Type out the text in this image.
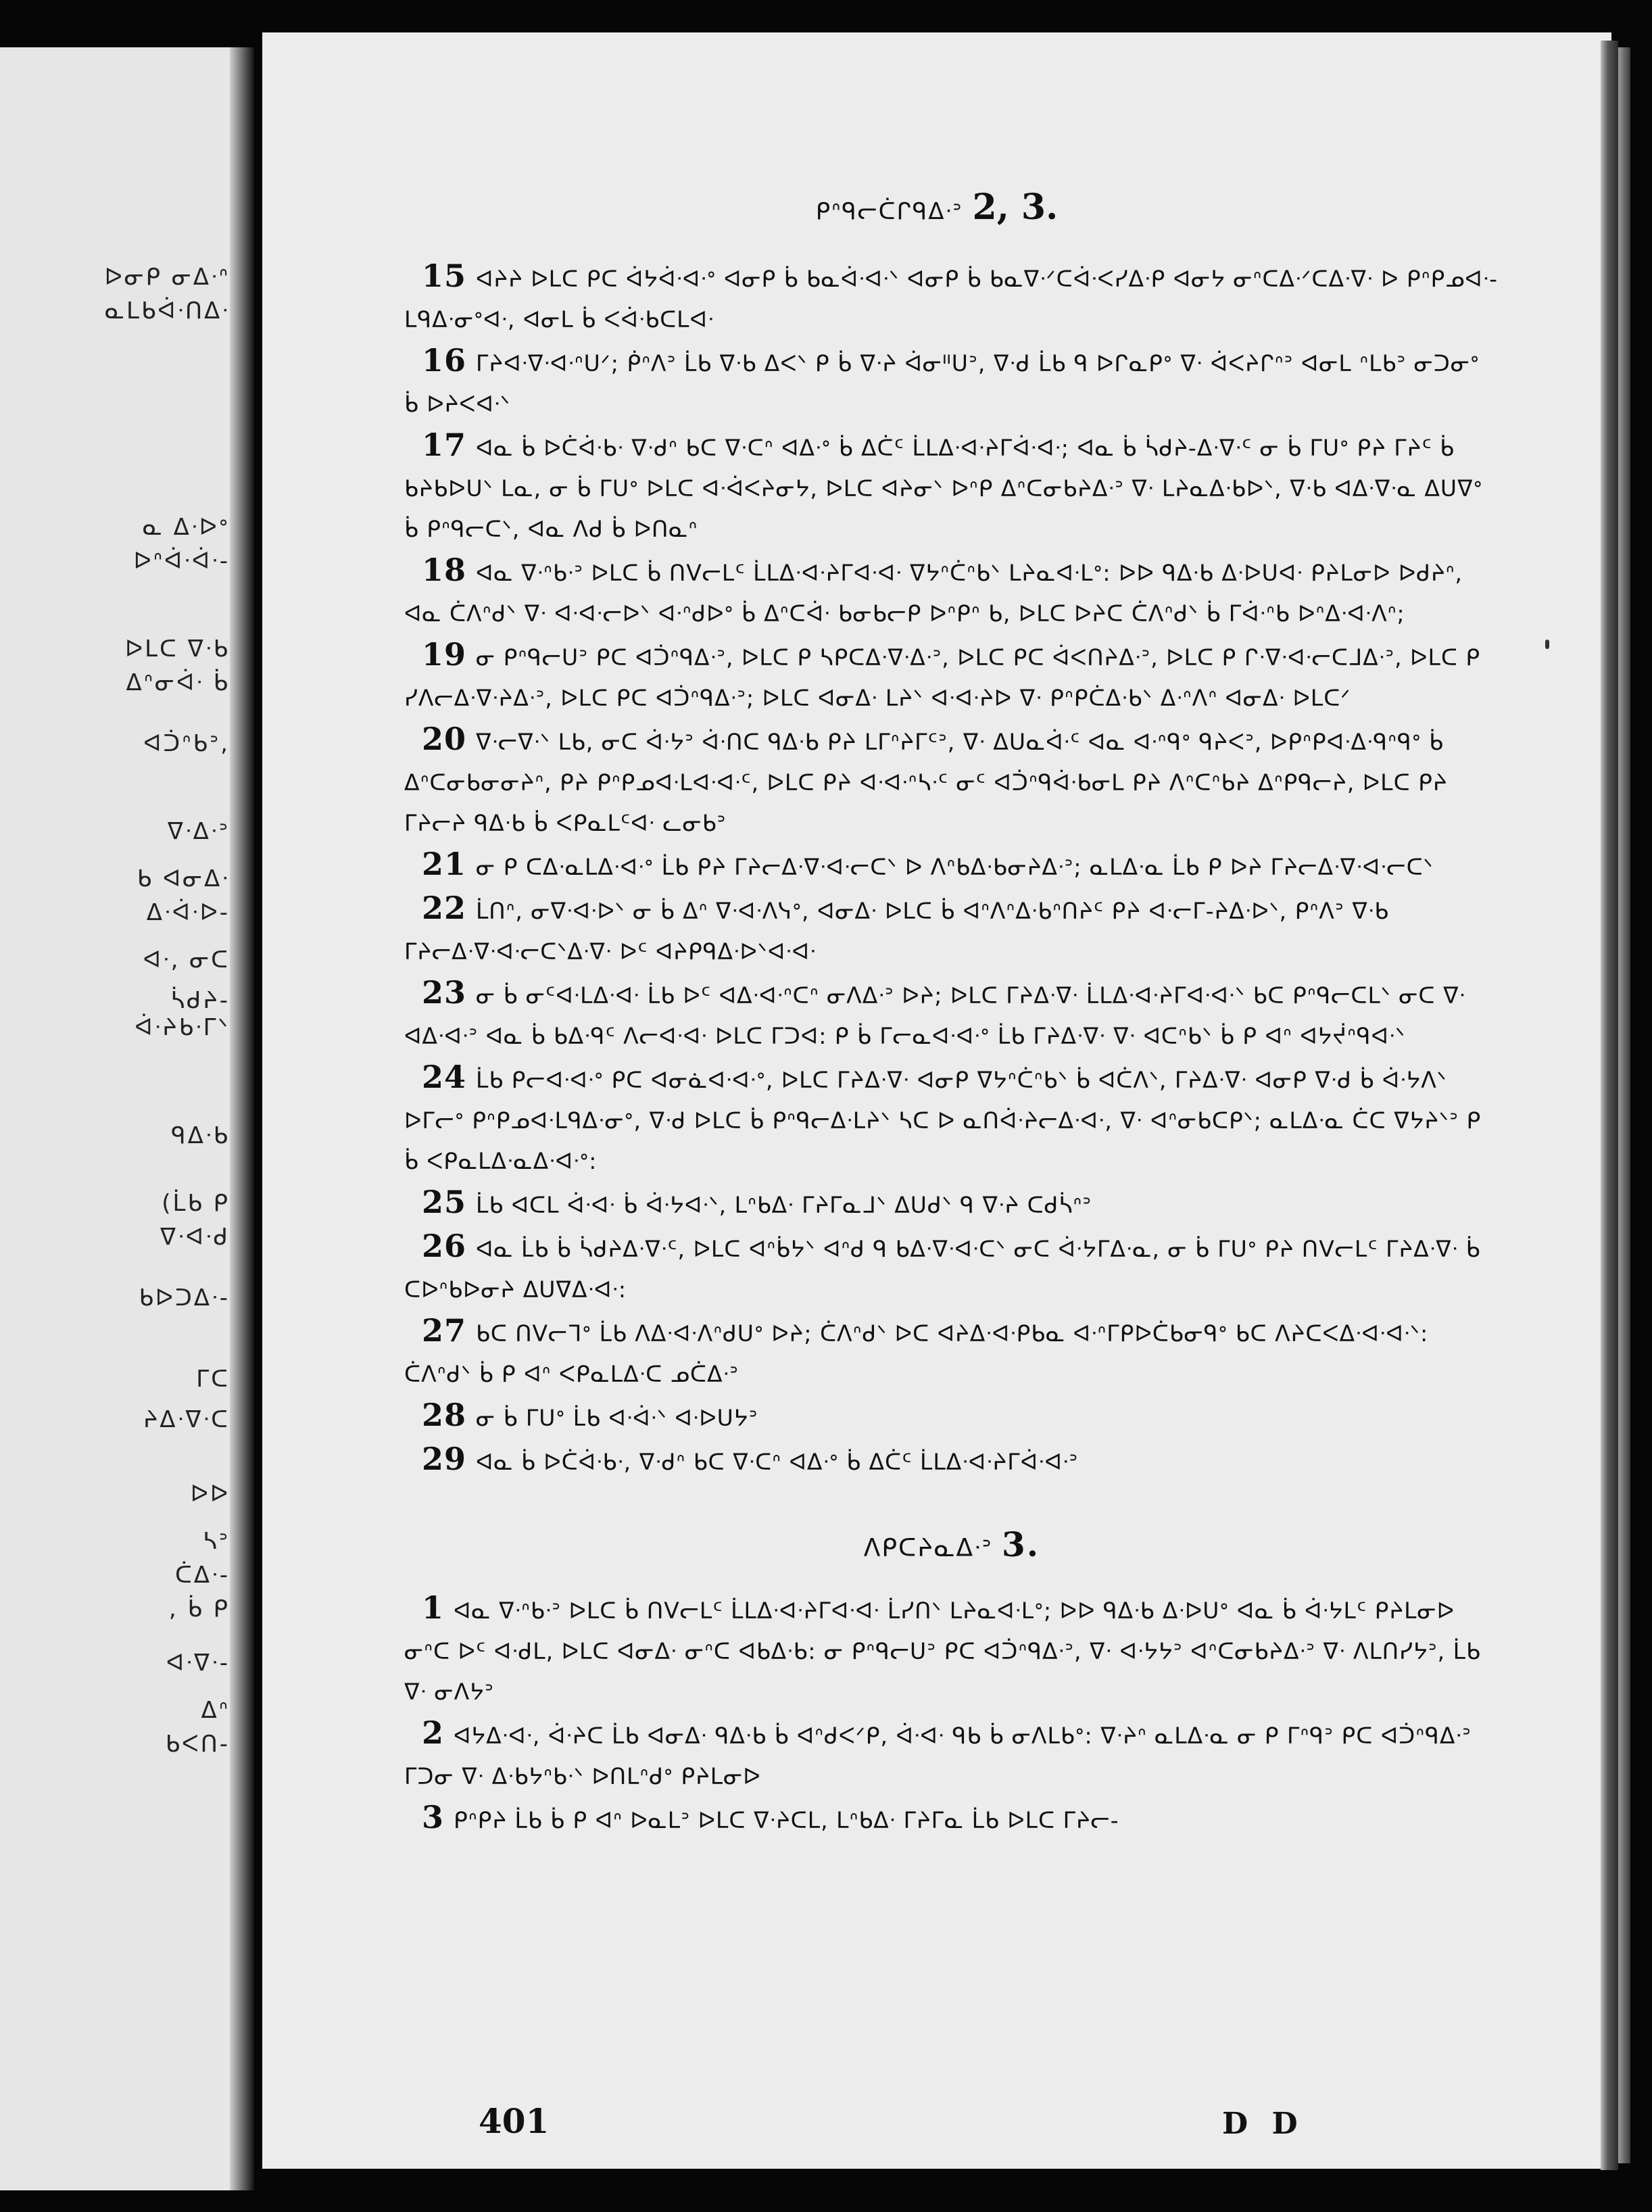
ᐅᓂᑭ ᓂᐃᐧᐢ
ᓇᒪᑲᐋᐧᑎᐃᐧ
ᓇ ᐃᐧᐅᐤ
ᐅᐢᐋᐧᐋᐧ-
ᐅᒪᑕ ᐁᐧᑲ
ᐃᐢᓂᐋᐧ ᑳ
ᐊᑑᐢᑲᐣ,
ᐁᐧᐃᐧᐣ
ᑲ ᐊᓂᐃᐧ
ᐃᐧᐋᐧᐅ-
ᐊᐧ, ᓂᑕ
ᓵᑯᔨ-
ᐋᐧᔨᑲᐧᒥᐠ
ᑫᐃᐧᑲ
(ᒫᑲ ᑭ
ᐁᐧᐊᐧᑯ
ᑲᐅᑐᐃᐧ-
ᒥᑕ
ᔨᐃᐧᐁᐧᑕ
ᐅᐅ
ᓴᐣ
ᑖᐃᐧ-
, ᑳ ᑭ
ᐊᐧᐁᐧ-
ᐃᐢ
ᑲᐸᑎ-
ᑭᐢᑫᓕᑖᒋᑫᐃᐧᐣ 2, 3.

15 ᐊᔨᔨ ᐅᒪᑕ ᑭᑕ ᐋᔭᐋᐧᐊᐧᐤ ᐊᓂᑭ ᑳ ᑲᓇᐋᐧᐊᐧᐠ ᐊᓂᑭ ᑳ ᑲᓇᐁᐧᐟᑕᐋᐧᐸᓯᐃᐧᑭ ᐊᓂᔭ ᓂᐢᑕᐃᐧᐟᑕᐃᐧᐁᐧ ᐅ ᑭᐢᑭᓄᐊᐧ-ᒪᑫᐃᐧᓂᐤᐊᐧ, ᐊᓂᒪ ᑳ ᐸᐋᐧᑲᑕᒪᐊᐧ

16 ᒥᔨᐊᐧᐁᐧᐊᐧᐢᑌᐟ; ᑮᐢᐱᐣ ᒫᑲ ᐁᐧᑲ ᐃᐸᐠ ᑭ ᑳ ᐁᐧᔨ ᐋᓂᐦᑌᐣ, ᐁᐧᑯ ᒫᑲ ᑫ ᐅᒋᓇᑭᐤ ᐁᐧ ᐋᐸᔨᒋᐢᐣ ᐊᓂᒪ ᐢᒪᑲᐣ ᓂᑐᓂᐤ ᑳ ᐅᔨᐸᐊᐧᐠ

17 ᐊᓇ ᑳ ᐅᑖᐋᐧᑲᐧ ᐁᐧᑯᐢ ᑲᑕ ᐁᐧᑕᐢ ᐊᐃᐧᐤ ᑳ ᐃᑖᑦ ᒫᒪᐃᐧᐊᐧᔨᒥᐋᐧᐊᐧ; ᐊᓇ ᑳ ᓵᑯᔨ-ᐃᐧᐁᐧᑦ ᓂ ᑳ ᒥᑌᐤ ᑭᔨ ᒥᔨᑦ ᑳ ᑲᔨᑲᐅᑌᐠ ᒪᓇ, ᓂ ᑳ ᒥᑌᐤ ᐅᒪᑕ ᐊᐧᐋᐸᔨᓂᔭ, ᐅᒪᑕ ᐊᔨᓂᐠ ᐅᐢᑭ ᐃᐢᑕᓂᑲᔨᐃᐧᐣ ᐁᐧ ᒪᔨᓇᐃᐧᑲᐅᐠ, ᐁᐧᑲ ᐊᐃᐧᐁᐧᓇ ᐃᑌᐁᐤ ᑳ ᑭᐢᑫᓕᑕᐠ, ᐊᓇ ᐱᑯ ᑳ ᐅᑎᓇᐢ

18 ᐊᓇ ᐁᐧᐢᑲᐧᐣ ᐅᒪᑕ ᑳ ᑎᐯᓕᒪᑦ ᒫᒪᐃᐧᐊᐧᔨᒥᐊᐧᐊᐧ ᐁᔭᐢᑖᐢᑲᐠ ᒪᔨᓇᐊᐧᒪᐤ: ᐅᐅ ᑫᐃᐧᑲ ᐃᐧᐅᑌᐊᐧ ᑭᔨᒪᓂᐅ ᐅᑯᔨᐢ, ᐊᓇ ᑖᐱᐢᑯᐠ ᐁᐧ ᐊᐧᐊᐧᓕᐅᐠ ᐊᐧᐢᑯᐅᐤ ᑳ ᐃᐢᑕᐋᐧ ᑲᓂᑲᓕᑭ ᐅᐢᑭᐢ ᑲ, ᐅᒪᑕ ᐅᔨᑕ ᑖᐱᐢᑯᐠ ᑳ ᒥᐋᐧᐢᑲ ᐅᐢᐃᐧᐊᐧᐱᐢ;

19 ᓂ ᑭᐢᑫᓕᑌᐣ ᑭᑕ ᐊᑑᐢᑫᐃᐧᐣ, ᐅᒪᑕ ᑭ ᓴᑭᑕᐃᐧᐁᐧᐃᐧᐣ, ᐅᒪᑕ ᑭᑕ ᐋᐸᑎᔨᐃᐧᐣ, ᐅᒪᑕ ᑭ ᒋᐧᐁᐧᐊᐧᓕᑕᒧᐃᐧᐣ, ᐅᒪᑕ ᑭ ᓯᐱᓕᐃᐧᐁᐧᔨᐃᐧᐣ, ᐅᒪᑕ ᑭᑕ ᐊᑑᐢᑫᐃᐧᐣ; ᐅᒪᑕ ᐊᓂᐃᐧ ᒪᔨᐠ ᐊᐧᐊᐧᔨᐅ ᐁᐧ ᑭᐢᑭᑖᐃᐧᑲᐠ ᐃᐧᐢᐱᐢ ᐊᓂᐃᐧ ᐅᒪᑕᐟ

20 ᐁᐧᓕᐁᐧᐠ ᒪᑲ, ᓂᑕ ᐋᐧᔭᐣ ᐋᐧᑎᑕ ᑫᐃᐧᑲ ᑭᔨ ᒪᒥᐢᔨᒥᑦᐣ, ᐁᐧ ᐃᑌᓇᐋᐧᑦ ᐊᓇ ᐊᐧᐢᑫᐤ ᑫᔨᐸᐣ, ᐅᑭᐢᑭᐊᐧᐃᐧᑫᐢᑫᐤ ᑳ ᐃᐢᑕᓂᑲᓂᓂᔨᐢ, ᑭᔨ ᑭᐢᑭᓄᐊᐧᒪᐊᐧᐊᐧᑦ, ᐅᒪᑕ ᑭᔨ ᐊᐧᐊᐧᐢᓴᐧᑦ ᓂᑦ ᐊᑑᐢᑫᐋᐧᑲᓂᒪ ᑭᔨ ᐱᐢᑕᐢᑲᔨ ᐃᐢᑭᑫᓕᔨ, ᐅᒪᑕ ᑭᔨ ᒥᔨᓕᔨ ᑫᐃᐧᑲ ᑳ ᐸᑭᓇᒪᑦᐊᐧ ᓚᓂᑲᐣ

21 ᓂ ᑭ ᑕᐃᐧᓇᒪᐃᐧᐊᐧᐤ ᒫᑲ ᑭᔨ ᒥᔨᓕᐃᐧᐁᐧᐊᐧᓕᑕᐠ ᐅ ᐱᐢᑲᐃᐧᑲᓂᔨᐃᐧᐣ; ᓇᒪᐃᐧᓇ ᒫᑲ ᑭ ᐅᔨ ᒥᔨᓕᐃᐧᐁᐧᐊᐧᓕᑕᐠ

22 ᒫᑎᐢ, ᓂᐁᐧᐊᐧᐅᐠ ᓂ ᑳ ᐃᐢ ᐁᐧᐊᐧᐱᓭᐤ, ᐊᓂᐃᐧ ᐅᒪᑕ ᑳ ᐊᐢᐱᐢᐃᐧᑲᐢᑎᔨᑦ ᑭᔨ ᐊᐧᓕᒥ-ᔨᐃᐧᐅᐠ, ᑭᐢᐱᐣ ᐁᐧᑲ ᒥᔨᓕᐃᐧᐁᐧᐊᐧᓕᑕᐠᐃᐧᐁᐧ ᐅᑦ ᐊᔨᑭᑫᐃᐧᐅᐠᐊᐧᐊᐧ

23 ᓂ ᑳ ᓂᑦᐊᐧᒪᐃᐧᐊᐧ ᒫᑲ ᐅᑦ ᐊᐃᐧᐊᐧᐢᑕᐢ ᓂᐱᐃᐧᐣ ᐅᔨ; ᐅᒪᑕ ᒥᔨᐃᐧᐁᐧ ᒫᒪᐃᐧᐊᐧᔨᒥᐊᐧᐊᐧᐠ ᑲᑕ ᑭᐢᑫᓕᑕᒪᐠ ᓂᑕ ᐁᐧ ᐊᐃᐧᐊᐧᐣ ᐊᓇ ᑳ ᑲᐃᐧᑫᑦ ᐱᓕᐊᐧᐊᐧ ᐅᒪᑕ ᒥᑐᐊ: ᑭ ᑳ ᒥᓕᓇᐊᐧᐊᐧᐤ ᒫᑲ ᒥᔨᐃᐧᐁᐧ ᐁᐧ ᐊᑕᐢᑲᐠ ᑳ ᑭ ᐊᐢ ᐊᔭᔫᐢᑫᐊᐧᐠ

24 ᒫᑲ ᑭᓕᐊᐧᐊᐧᐤ ᑭᑕ ᐊᓂᓈᐊᐧᐊᐧᐤ, ᐅᒪᑕ ᒥᔨᐃᐧᐁᐧ ᐊᓂᑭ ᐁᔭᐢᑖᐢᑲᐠ ᑳ ᐊᑖᐱᐠ, ᒥᔨᐃᐧᐁᐧ ᐊᓂᑭ ᐁᐧᑯ ᑳ ᐋᐧᔭᐱᐠ ᐅᒥᓕᐤ ᑭᐢᑭᓄᐊᐧᒪᑫᐃᐧᓂᐤ, ᐁᐧᑯ ᐅᒪᑕ ᑳ ᑭᐢᑫᓕᐃᐧᒪᔨᐠ ᓴᑕ ᐅ ᓇᑎᐋᐧᔨᓕᐃᐧᐊᐧ, ᐁᐧ ᐊᐢᓂᑲᑕᑭᐠ; ᓇᒪᐃᐧᓇ ᑖᑕ ᐁᔭᔨᐠᐣ ᑭ ᑳ ᐸᑭᓇᒪᐃᐧᓇᐃᐧᐊᐧᐤ:

25 ᒫᑲ ᐊᑕᒪ ᐋᐧᐊᐧ ᑳ ᐋᐧᔭᐊᐧᐠ, ᒪᐢᑲᐃᐧ ᒥᔨᒥᓇᒧᐠ ᐃᑌᑯᐠ ᑫ ᐁᐧᔨ ᑕᑯᓵᐢᐣ

26 ᐊᓇ ᒫᑲ ᑳ ᓵᑯᔨᐃᐧᐁᐧᑦ, ᐅᒪᑕ ᐊᐢᑳᔭᐠ ᐊᐢᑯ ᑫ ᑲᐃᐧᐁᐧᐊᐧᑕᐠ ᓂᑕ ᐋᐧᔭᒥᐃᐧᓇ, ᓂ ᑳ ᒥᑌᐤ ᑭᔨ ᑎᐯᓕᒪᑦ ᒥᔨᐃᐧᐁᐧ ᑳ ᑕᐅᐢᑲᐅᓂᔨ ᐃᑌᐁᐃᐧᐊᐧ:

27 ᑲᑕ ᑎᐯᓕᒣᐤ ᒫᑲ ᐱᐃᐧᐊᐧᐱᐢᑯᑌᐤ ᐅᔨ; ᑖᐱᐢᑯᐠ ᐅᑕ ᐊᔨᐃᐧᐊᐧᑭᑲᓇ ᐊᐧᐢᒥᑭᐅᑖᑲᓂᑫᐤ ᑲᑕ ᐱᔨᑕᐸᐃᐧᐊᐧᐊᐧᐠ: ᑖᐱᐢᑯᐠ ᑳ ᑭ ᐊᐢ ᐸᑭᓇᒪᐃᐧᑕ ᓄᑖᐃᐧᐣ

28 ᓂ ᑳ ᒥᑌᐤ ᒫᑲ ᐊᐧᐋᐧᐠ ᐊᐧᐅᑌᔭᐣ

29 ᐊᓇ ᑳ ᐅᑖᐋᐧᑲᐧ, ᐁᐧᑯᐢ ᑲᑕ ᐁᐧᑕᐢ ᐊᐃᐧᐤ ᑳ ᐃᑖᑦ ᒫᒪᐃᐧᐊᐧᔨᒥᐋᐧᐊᐧᐣ

ᐱᑭᑕᔨᓇᐃᐧᐣ 3.

1 ᐊᓇ ᐁᐧᐢᑲᐧᐣ ᐅᒪᑕ ᑳ ᑎᐯᓕᒪᑦ ᒫᒪᐃᐧᐊᐧᔨᒥᐊᐧᐊᐧ ᒫᓯᑎᐠ ᒪᔨᓇᐊᐧᒪᐤ; ᐅᐅ ᑫᐃᐧᑲ ᐃᐧᐅᑌᐤ ᐊᓇ ᑳ ᐋᐧᔭᒪᑦ ᑭᔨᒪᓂᐅ ᓂᐢᑕ ᐅᑦ ᐊᐧᑯᒪ, ᐅᒪᑕ ᐊᓂᐃᐧ ᓂᐢᑕ ᐊᑲᐃᐧᑲ: ᓂ ᑭᐢᑫᓕᑌᐣ ᑭᑕ ᐊᑑᐢᑫᐃᐧᐣ, ᐁᐧ ᐊᐧᔭᔭᐣ ᐊᐢᑕᓂᑲᔨᐃᐧᐣ ᐁᐧ ᐱᒪᑎᓯᔭᐣ, ᒫᑲ ᐁᐧ ᓂᐱᔭᐣ

2 ᐊᔭᐃᐧᐊᐧ, ᐋᐧᔨᑕ ᒫᑲ ᐊᓂᐃᐧ ᑫᐃᐧᑲ ᑳ ᐊᐢᑯᐸᐟᑭ, ᐋᐧᐊᐧ ᑫᑲ ᑳ ᓂᐱᒪᑲᐤ: ᐁᐧᔨᐢ ᓇᒪᐃᐧᓇ ᓂ ᑭ ᒥᐢᑫᐣ ᑭᑕ ᐊᑑᐢᑫᐃᐧᐣ ᒥᑐᓂ ᐁᐧ ᐃᐧᑲᔭᐢᑲᐧᐠ ᐅᑎᒪᐢᑯᐤ ᑭᔨᒪᓂᐅ

3 ᑭᐢᑭᔨ ᒫᑲ ᑳ ᑭ ᐊᐢ ᐅᓇᒪᐣ ᐅᒪᑕ ᐁᐧᔨᑕᒪ, ᒪᐢᑲᐃᐧ ᒥᔨᒥᓇ ᒫᑲ ᐅᒪᑕ ᒥᔨᓕ-

401	D D
